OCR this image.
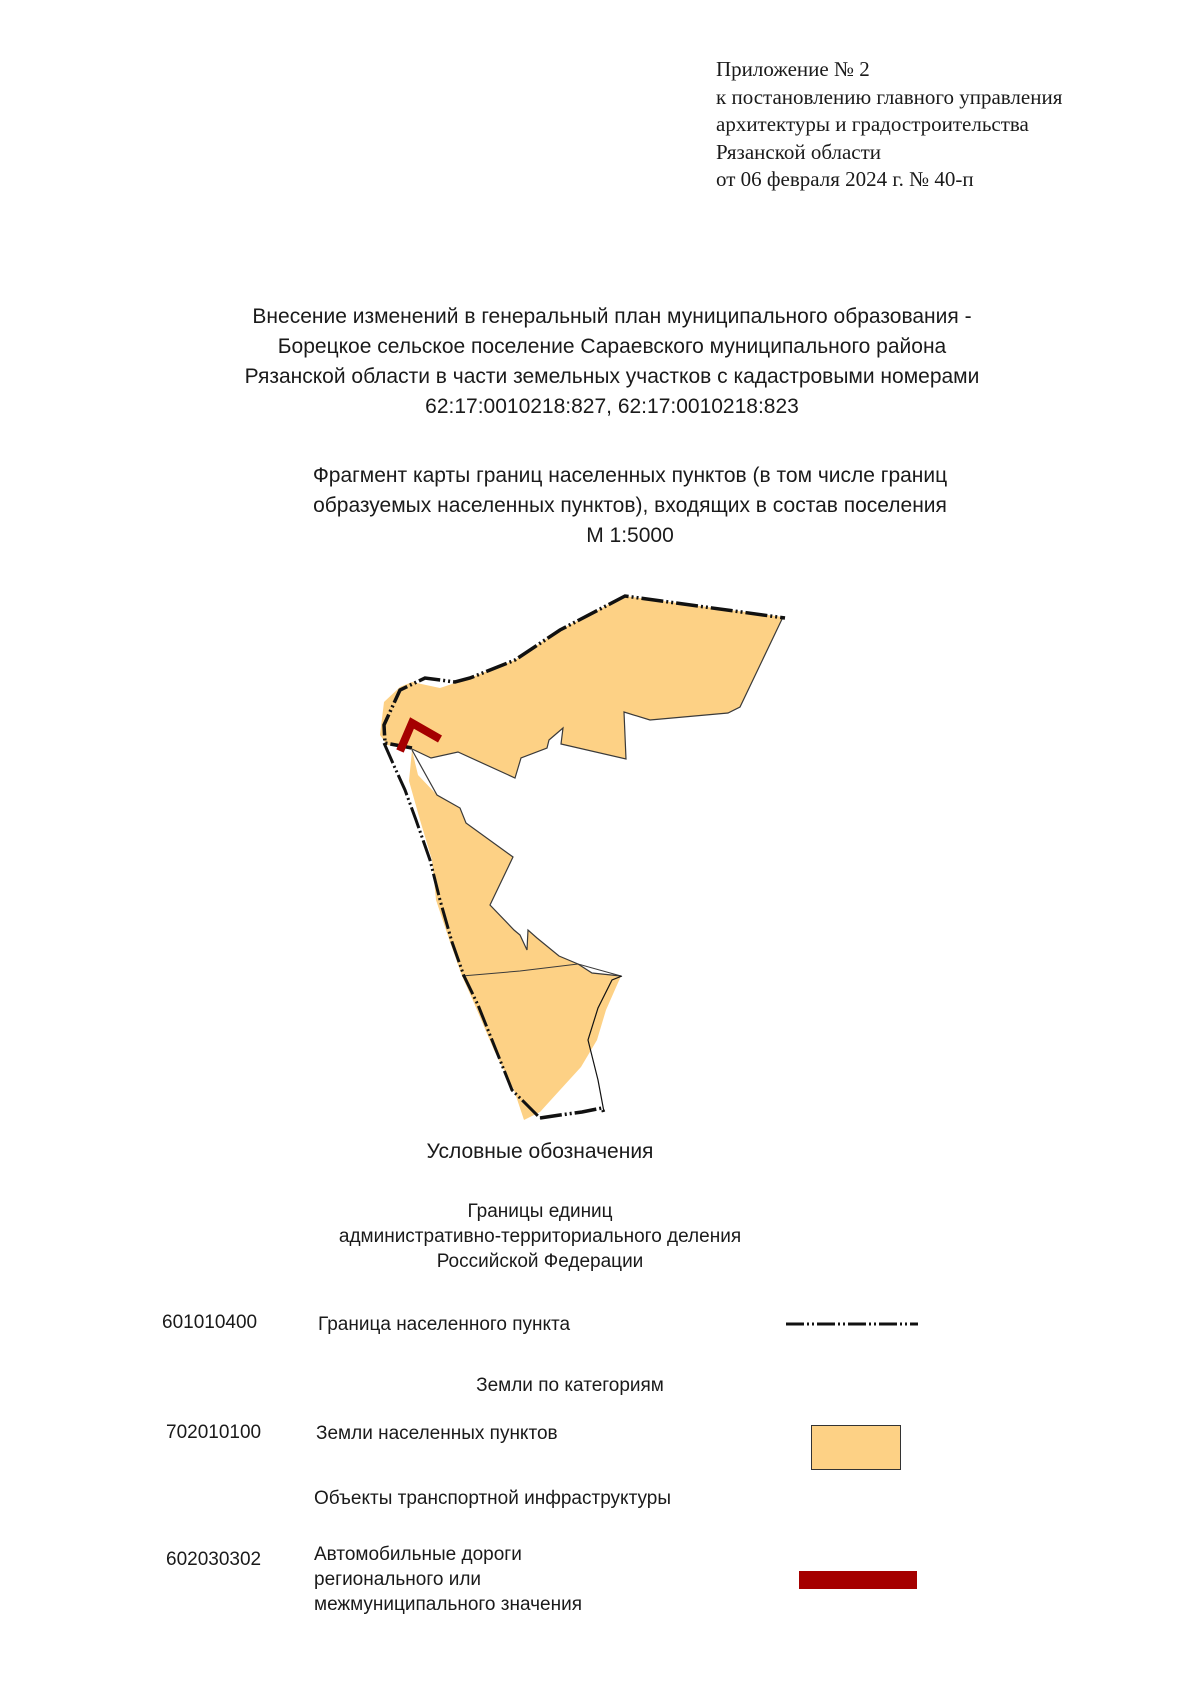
Приложение № 2
к постановлению главного управления
архитектуры и градостроительства
Рязанской области
от 06 февраля 2024 г. № 40-п
Внесение изменений в генеральный план муниципального образования -
Борецкое сельское поселение Сараевского муниципального района
Рязанской области в части земельных участков с кадастровыми номерами
62:17:0010218:827, 62:17:0010218:823
Фрагмент карты границ населенных пунктов (в том числе границ
образуемых населенных пунктов), входящих в состав поселения
М 1:5000
Условные обозначения
Границы единиц
административно-территориального деления
Российской Федерации
601010400	Граница населенного пункта
Земли по категориям
702010100	Земли населенных пунктов
Объекты транспортной инфраструктуры
602030302	Автомобильные дороги
регионального или
межмуниципального значения
